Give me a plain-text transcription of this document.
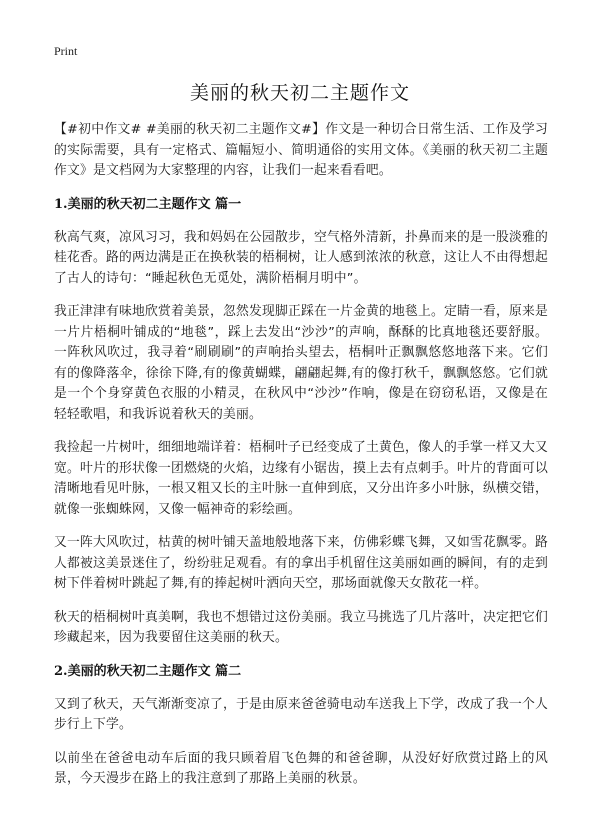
Print
美丽的秋天初二主题作文

【#初中作文# #美丽的秋天初二主题作文#】作文是一种切合日常生活、工作及学习的实际需要，具有一定格式、篇幅短小、简明通俗的实用文体。《美丽的秋天初二主题作文》是文档网为大家整理的内容，让我们一起来看看吧。

1.美丽的秋天初二主题作文 篇一

秋高气爽，凉风习习，我和妈妈在公园散步，空气格外清新，扑鼻而来的是一股淡雅的桂花香。路的两边满是正在换秋装的梧桐树，让人感到浓浓的秋意，这让人不由得想起了古人的诗句：“睡起秋色无觅处，满阶梧桐月明中”。

我正津津有味地欣赏着美景，忽然发现脚正踩在一片金黄的地毯上。定睛一看，原来是一片片梧桐叶铺成的“地毯”，踩上去发出“沙沙”的声响，酥酥的比真地毯还要舒服。一阵秋风吹过，我寻着“刷刷刷”的声响抬头望去，梧桐叶正飘飘悠悠地落下来。它们有的像降落伞，徐徐下降,有的像黄蝴蝶，翩翩起舞,有的像打秋千，飘飘悠悠。它们就是一个个身穿黄色衣服的小精灵，在秋风中“沙沙”作响，像是在窃窃私语，又像是在轻轻歌唱，和我诉说着秋天的美丽。

我捡起一片树叶，细细地端详着：梧桐叶子已经变成了土黄色，像人的手掌一样又大又宽。叶片的形状像一团燃烧的火焰，边缘有小锯齿，摸上去有点刺手。叶片的背面可以清晰地看见叶脉，一根又粗又长的主叶脉一直伸到底，又分出许多小叶脉，纵横交错，就像一张蜘蛛网，又像一幅神奇的彩绘画。

又一阵大风吹过，枯黄的树叶铺天盖地般地落下来，仿佛彩蝶飞舞，又如雪花飘零。路人都被这美景迷住了，纷纷驻足观看。有的拿出手机留住这美丽如画的瞬间，有的走到树下伴着树叶跳起了舞,有的捧起树叶洒向天空，那场面就像天女散花一样。

秋天的梧桐树叶真美啊，我也不想错过这份美丽。我立马挑选了几片落叶，决定把它们珍藏起来，因为我要留住这美丽的秋天。

2.美丽的秋天初二主题作文 篇二

又到了秋天，天气渐渐变凉了，于是由原来爸爸骑电动车送我上下学，改成了我一个人步行上下学。

以前坐在爸爸电动车后面的我只顾着眉飞色舞的和爸爸聊，从没好好欣赏过路上的风景，今天漫步在路上的我注意到了那路上美丽的秋景。
